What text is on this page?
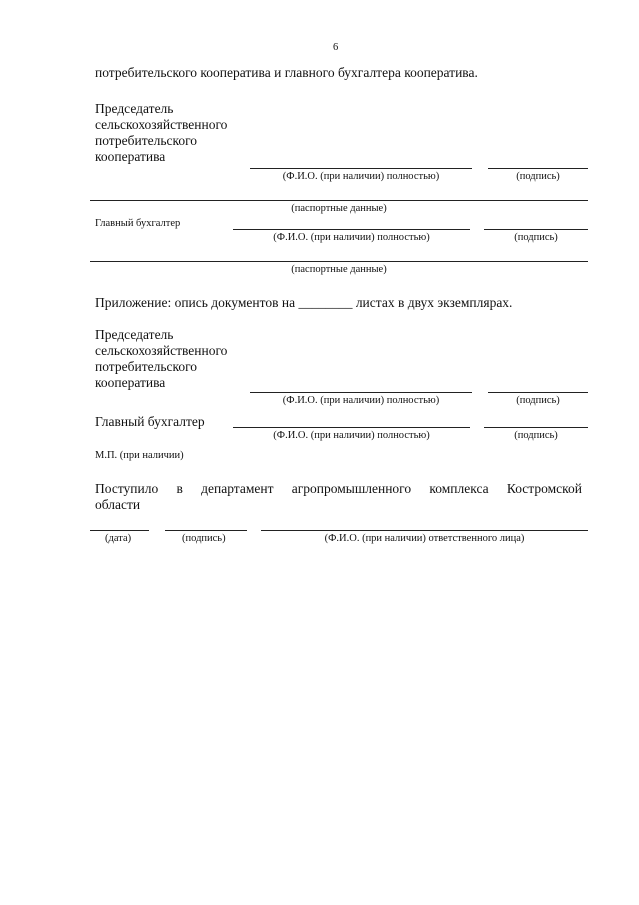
6
потребительского кооператива и главного бухгалтера кооператива.
Председатель
сельскохозяйственного
потребительского
кооператива
(Ф.И.О. (при наличии) полностью)	(подпись)
(паспортные данные)
Главный бухгалтер
(Ф.И.О. (при наличии) полностью)	(подпись)
(паспортные данные)
Приложение: опись документов на ________ листах в двух экземплярах.
Председатель
сельскохозяйственного
потребительского
кооператива
(Ф.И.О. (при наличии) полностью)	(подпись)
Главный бухгалтер
(Ф.И.О. (при наличии) полностью)	(подпись)
М.П. (при наличии)
Поступило в департамент агропромышленного комплекса Костромской
области
(дата)	(подпись)	(Ф.И.О. (при наличии) ответственного лица)
